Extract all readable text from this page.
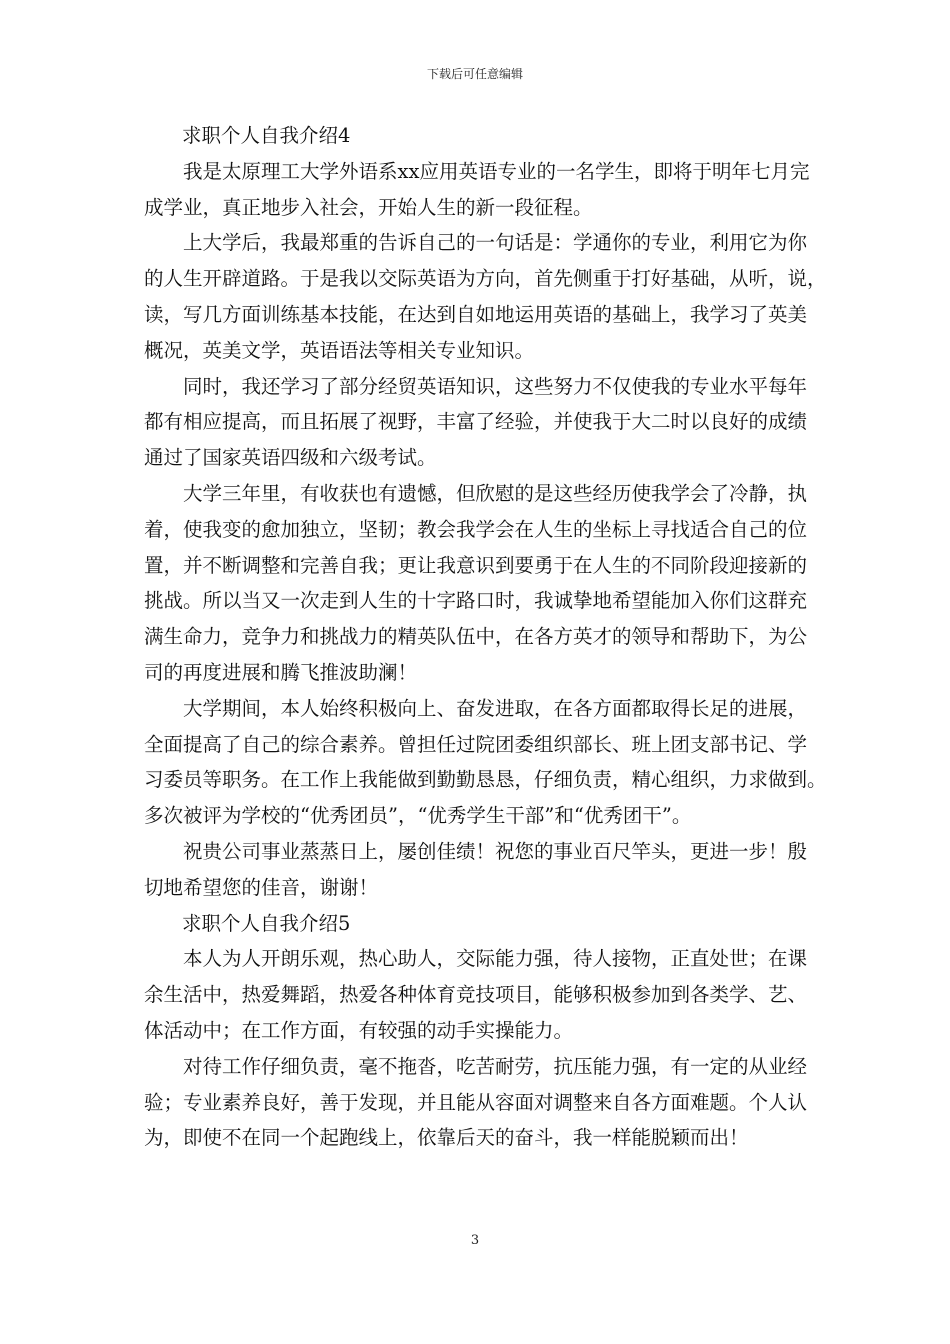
下载后可任意编辑

求职个人自我介绍4

我是太原理工大学外语系xx应用英语专业的一名学生，即将于明年七月完
成学业，真正地步入社会，开始人生的新一段征程。

上大学后，我最郑重的告诉自己的一句话是：学通你的专业，利用它为你
的人生开辟道路。于是我以交际英语为方向，首先侧重于打好基础，从听，说，
读，写几方面训练基本技能，在达到自如地运用英语的基础上，我学习了英美
概况，英美文学，英语语法等相关专业知识。

同时，我还学习了部分经贸英语知识，这些努力不仅使我的专业水平每年
都有相应提高，而且拓展了视野，丰富了经验，并使我于大二时以良好的成绩
通过了国家英语四级和六级考试。

大学三年里，有收获也有遗憾，但欣慰的是这些经历使我学会了冷静，执
着，使我变的愈加独立，坚韧；教会我学会在人生的坐标上寻找适合自己的位
置，并不断调整和完善自我；更让我意识到要勇于在人生的不同阶段迎接新的
挑战。所以当又一次走到人生的十字路口时，我诚挚地希望能加入你们这群充
满生命力，竞争力和挑战力的精英队伍中，在各方英才的领导和帮助下，为公
司的再度进展和腾飞推波助澜！

大学期间，本人始终积极向上、奋发进取，在各方面都取得长足的进展，
全面提高了自己的综合素养。曾担任过院团委组织部长、班上团支部书记、学
习委员等职务。在工作上我能做到勤勤恳恳，仔细负责，精心组织，力求做到。
多次被评为学校的“优秀团员”，“优秀学生干部”和“优秀团干”。

祝贵公司事业蒸蒸日上，屡创佳绩！祝您的事业百尺竿头，更进一步！殷
切地希望您的佳音，谢谢！

求职个人自我介绍5

本人为人开朗乐观，热心助人，交际能力强，待人接物，正直处世；在课
余生活中，热爱舞蹈，热爱各种体育竞技项目，能够积极参加到各类学、艺、
体活动中；在工作方面，有较强的动手实操能力。

对待工作仔细负责，毫不拖沓，吃苦耐劳，抗压能力强，有一定的从业经
验；专业素养良好，善于发现，并且能从容面对调整来自各方面难题。个人认
为，即使不在同一个起跑线上，依靠后天的奋斗，我一样能脱颖而出！

3
